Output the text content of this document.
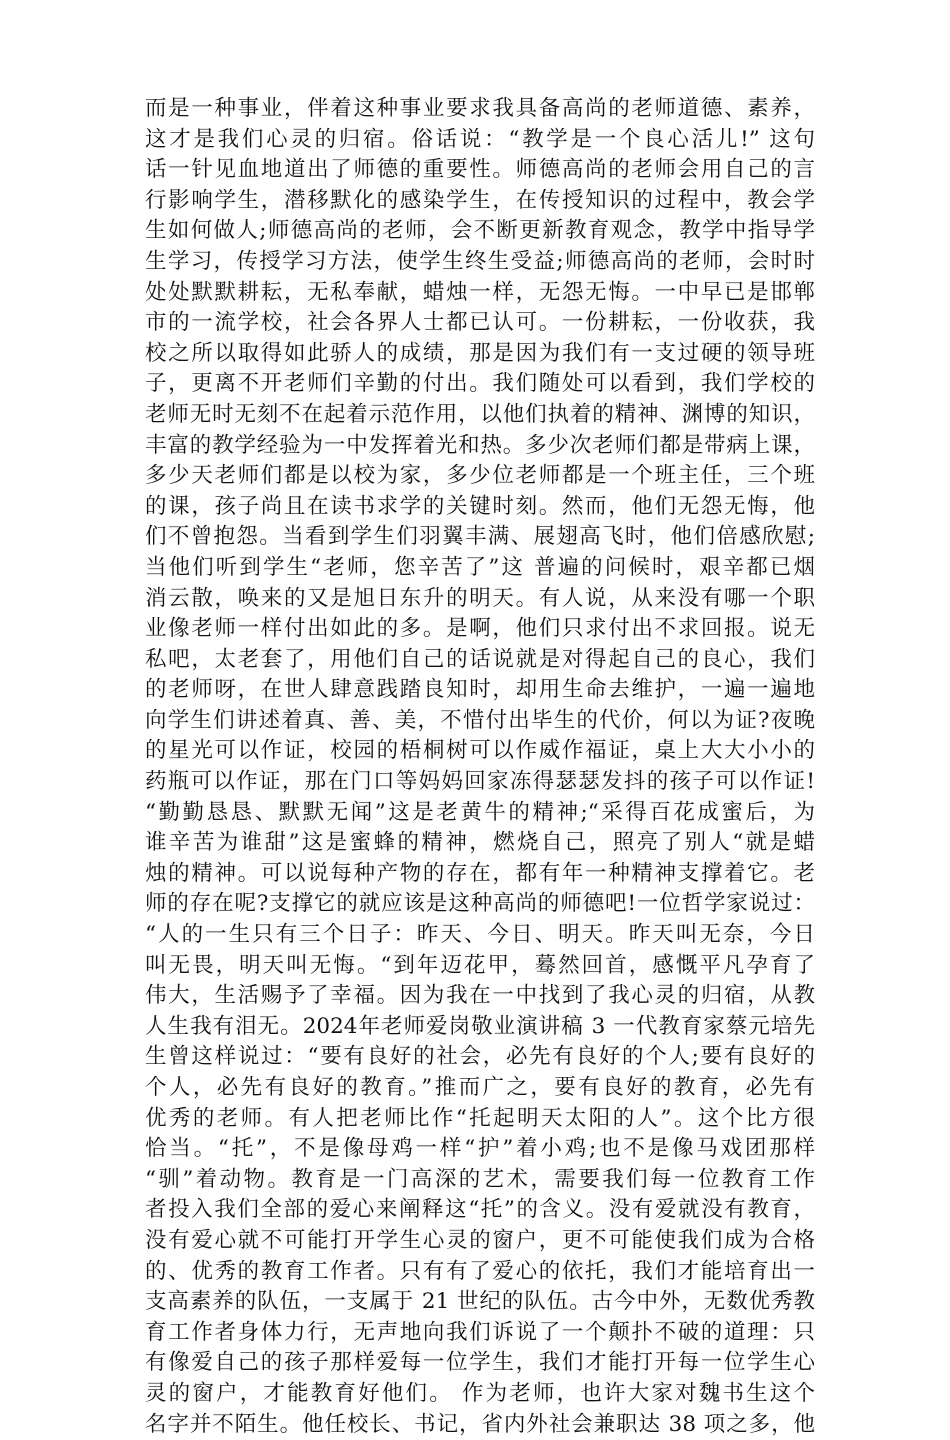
而是一种事业，伴着这种事业要求我具备高尚的老师道德、素养，
这才是我们心灵的归宿。俗话说：“教学是一个良心活儿!” 这句
话一针见血地道出了师德的重要性。师德高尚的老师会用自己的言
行影响学生，潜移默化的感染学生，在传授知识的过程中，教会学
生如何做人;师德高尚的老师，会不断更新教育观念，教学中指导学
生学习，传授学习方法，使学生终生受益;师德高尚的老师，会时时
处处默默耕耘，无私奉献，蜡烛一样，无怨无悔。一中早已是邯郸
市的一流学校，社会各界人士都已认可。一份耕耘，一份收获，我
校之所以取得如此骄人的成绩，那是因为我们有一支过硬的领导班
子，更离不开老师们辛勤的付出。我们随处可以看到，我们学校的
老师无时无刻不在起着示范作用，以他们执着的精神、渊博的知识，
丰富的教学经验为一中发挥着光和热。多少次老师们都是带病上课，
多少天老师们都是以校为家，多少位老师都是一个班主任，三个班
的课，孩子尚且在读书求学的关键时刻。然而，他们无怨无悔，他
们不曾抱怨。当看到学生们羽翼丰满、展翅高飞时，他们倍感欣慰;
当他们听到学生“老师，您辛苦了”这 普遍的问候时，艰辛都已烟
消云散，唤来的又是旭日东升的明天。有人说，从来没有哪一个职
业像老师一样付出如此的多。是啊，他们只求付出不求回报。说无
私吧，太老套了，用他们自己的话说就是对得起自己的良心，我们
的老师呀，在世人肆意践踏良知时，却用生命去维护，一遍一遍地
向学生们讲述着真、善、美，不惜付出毕生的代价，何以为证?夜晚
的星光可以作证，校园的梧桐树可以作威作福证，桌上大大小小的
药瓶可以作证，那在门口等妈妈回家冻得瑟瑟发抖的孩子可以作证!
“勤勤恳恳、默默无闻”这是老黄牛的精神;“采得百花成蜜后，为
谁辛苦为谁甜”这是蜜蜂的精神，燃烧自己，照亮了别人“就是蜡
烛的精神。可以说每种产物的存在，都有年一种精神支撑着它。老
师的存在呢?支撑它的就应该是这种高尚的师德吧!一位哲学家说过：
“人的一生只有三个日子：昨天、今日、明天。昨天叫无奈，今日
叫无畏，明天叫无悔。“到年迈花甲，蓦然回首，感慨平凡孕育了
伟大，生活赐予了幸福。因为我在一中找到了我心灵的归宿，从教
人生我有泪无。2024年老师爱岗敬业演讲稿 3 一代教育家蔡元培先
生曾这样说过：“要有良好的社会，必先有良好的个人;要有良好的
个人，必先有良好的教育。”推而广之，要有良好的教育，必先有
优秀的老师。有人把老师比作“托起明天太阳的人”。这个比方很
恰当。“托”，不是像母鸡一样“护”着小鸡;也不是像马戏团那样
“驯”着动物。教育是一门高深的艺术，需要我们每一位教育工作
者投入我们全部的爱心来阐释这“托”的含义。没有爱就没有教育，
没有爱心就不可能打开学生心灵的窗户，更不可能使我们成为合格
的、优秀的教育工作者。只有有了爱心的依托，我们才能培育出一
支高素养的队伍，一支属于 21 世纪的队伍。古今中外，无数优秀教
育工作者身体力行，无声地向我们诉说了一个颠扑不破的道理：只
有像爱自己的孩子那样爱每一位学生，我们才能打开每一位学生心
灵的窗户，才能教育好他们。 作为老师，也许大家对魏书生这个
名字并不陌生。他任校长、书记，省内外社会兼职达 38 项之多，他
